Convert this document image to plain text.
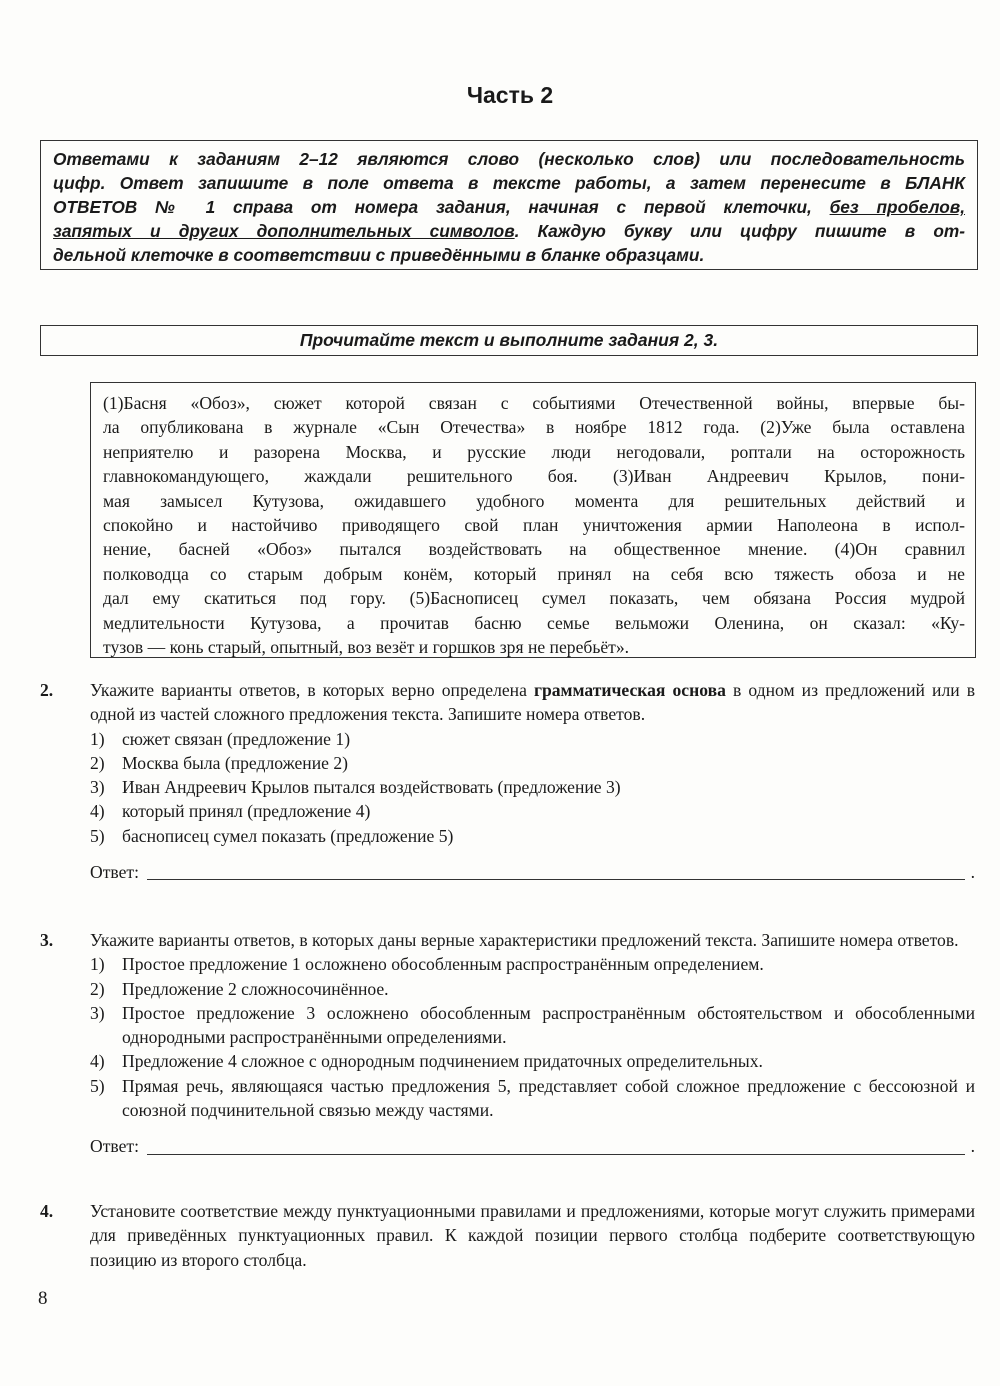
Часть 2
Ответами к заданиям 2–12 являются слово (несколько слов) или последовательность
цифр. Ответ запишите в поле ответа в тексте работы, а затем перенесите в БЛАНК
ОТВЕТОВ № 1 справа от номера задания, начиная с первой клеточки, без пробелов,
запятых и других дополнительных символов. Каждую букву или цифру пишите в от-
дельной клеточке в соответствии с приведёнными в бланке образцами.
Прочитайте текст и выполните задания 2, 3.
(1)Басня «Обоз», сюжет которой связан с событиями Отечественной войны, впервые бы-
ла опубликована в журнале «Сын Отечества» в ноябре 1812 года. (2)Уже была оставлена
неприятелю и разорена Москва, и русские люди негодовали, роптали на осторожность
главнокомандующего, жаждали решительного боя. (3)Иван Андреевич Крылов, пони-
мая замысел Кутузова, ожидавшего удобного момента для решительных действий и
спокойно и настойчиво приводящего свой план уничтожения армии Наполеона в испол-
нение, басней «Обоз» пытался воздействовать на общественное мнение. (4)Он сравнил
полководца со старым добрым конём, который принял на себя всю тяжесть обоза и не
дал ему скатиться под гору. (5)Баснописец сумел показать, чем обязана Россия мудрой
медлительности Кутузова, а прочитав басню семье вельможи Оленина, он сказал: «Ку-
тузов — конь старый, опытный, воз везёт и горшков зря не перебьёт».
2. Укажите варианты ответов, в которых верно определена грамматическая основа в одном из предложений или в одной из частей сложного предложения текста. Запишите номера ответов.
1) сюжет связан (предложение 1)
2) Москва была (предложение 2)
3) Иван Андреевич Крылов пытался воздействовать (предложение 3)
4) который принял (предложение 4)
5) баснописец сумел показать (предложение 5)
Ответ:	.
3. Укажите варианты ответов, в которых даны верные характеристики предложений текста. Запишите номера ответов.
1) Простое предложение 1 осложнено обособленным распространённым определением.
2) Предложение 2 сложносочинённое.
3) Простое предложение 3 осложнено обособленным распространённым обстоятельством и обособленными однородными распространёнными определениями.
4) Предложение 4 сложное с однородным подчинением придаточных определительных.
5) Прямая речь, являющаяся частью предложения 5, представляет собой сложное предложение с бессоюзной и союзной подчинительной связью между частями.
Ответ:	.
4. Установите соответствие между пунктуационными правилами и предложениями, которые могут служить примерами для приведённых пунктуационных правил. К каждой позиции первого столбца подберите соответствующую позицию из второго столбца.
8
